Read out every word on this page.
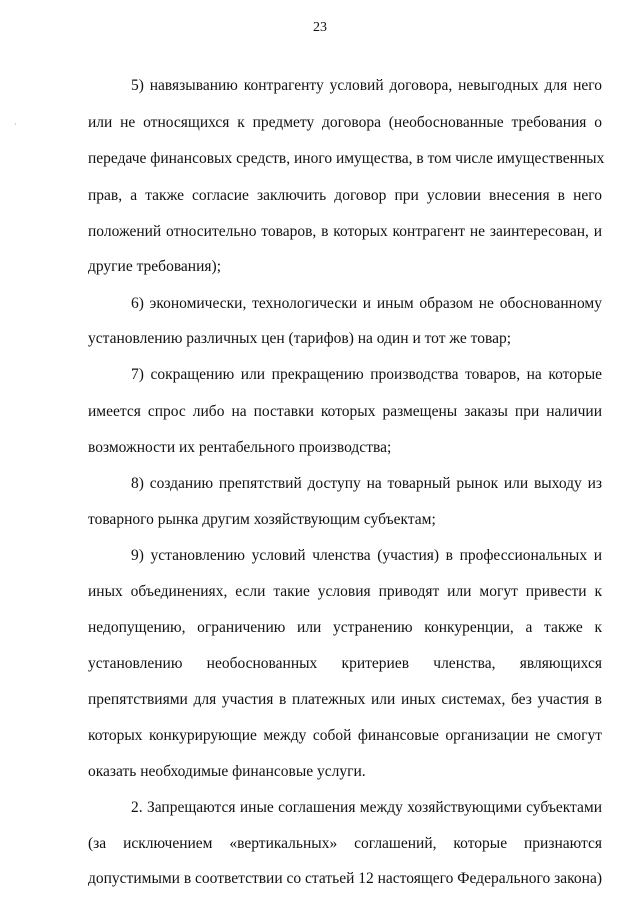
23
·
5) навязыванию контрагенту условий договора, невыгодных для него
или не относящихся к предмету договора (необоснованные требования о
передаче финансовых средств, иного имущества, в том числе имущественных
прав, а также согласие заключить договор при условии внесения в него
положений относительно товаров, в которых контрагент не заинтересован, и
другие требования);
6) экономически, технологически и иным образом не обоснованному
установлению различных цен (тарифов) на один и тот же товар;
7) сокращению или прекращению производства товаров, на которые
имеется спрос либо на поставки которых размещены заказы при наличии
возможности их рентабельного производства;
8) созданию препятствий доступу на товарный рынок или выходу из
товарного рынка другим хозяйствующим субъектам;
9) установлению условий членства (участия) в профессиональных и
иных объединениях, если такие условия приводят или могут привести к
недопущению, ограничению или устранению конкуренции, а также к
установлению необоснованных критериев членства, являющихся
препятствиями для участия в платежных или иных системах, без участия в
которых конкурирующие между собой финансовые организации не смогут
оказать необходимые финансовые услуги.
2. Запрещаются иные соглашения между хозяйствующими субъектами
(за исключением «вертикальных» соглашений, которые признаются
допустимыми в соответствии со статьей 12 настоящего Федерального закона)
